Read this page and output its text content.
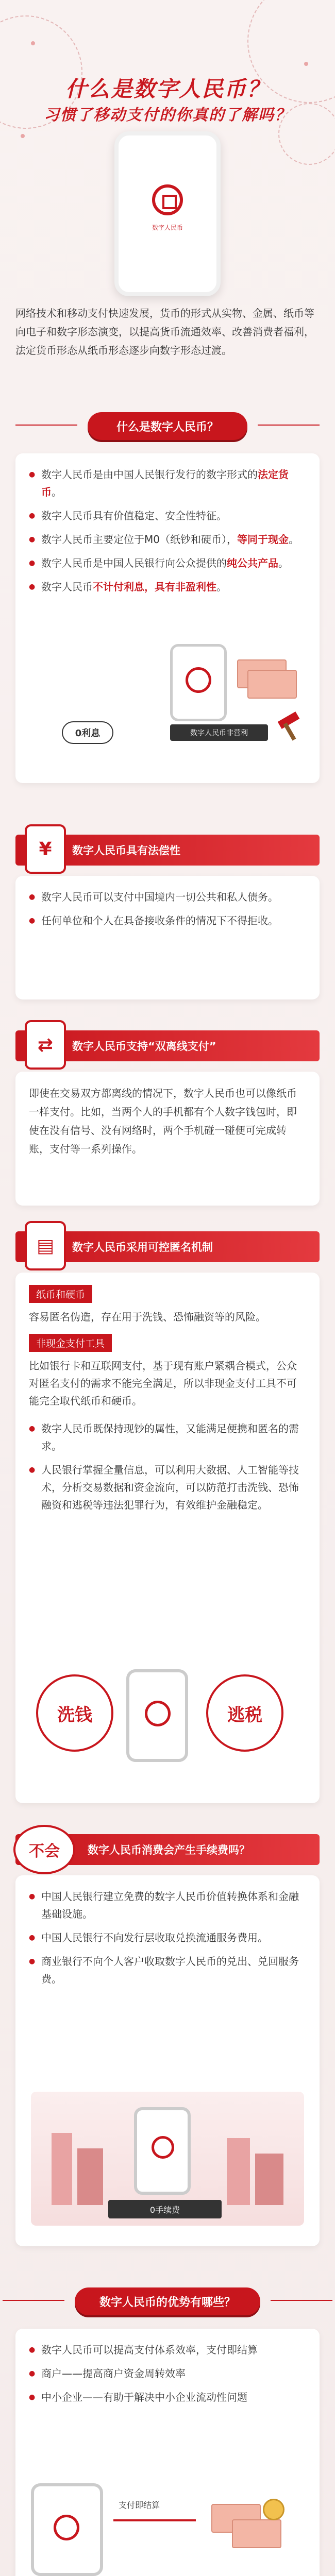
什么是数字人民币？
习惯了移动支付的你真的了解吗？
数字人民币
网络技术和移动支付快速发展，货币的形式从实物、金属、纸币等向电子和数字形态演变，以提高货币流通效率、改善消费者福利，法定货币形态从纸币形态逐步向数字形态过渡。
什么是数字人民币？
● 数字人民币是由中国人民银行发行的数字形式的法定货币。
● 数字人民币具有价值稳定、安全性特征。
● 数字人民币主要定位于M0（纸钞和硬币），等同于现金。
● 数字人民币是中国人民银行向公众提供的纯公共产品。
● 数字人民币不计付利息，具有非盈利性。
0利息	数字人民币非营利
¥	数字人民币具有法偿性
● 数字人民币可以支付中国境内一切公共和私人债务。
● 任何单位和个人在具备接收条件的情况下不得拒收。
⇄	数字人民币支持“双离线支付”
即使在交易双方都离线的情况下，数字人民币也可以像纸币一样支付。比如，当两个人的手机都有个人数字钱包时，即使在没有信号、没有网络时，两个手机碰一碰便可完成转账，支付等一系列操作。
▤	数字人民币采用可控匿名机制
纸币和硬币
容易匿名伪造，存在用于洗钱、恐怖融资等的风险。
非现金支付工具
比如银行卡和互联网支付，基于现有账户紧耦合模式，公众对匿名支付的需求不能完全满足，所以非现金支付工具不可能完全取代纸币和硬币。
● 数字人民币既保持现钞的属性，又能满足便携和匿名的需求。
● 人民银行掌握全量信息，可以利用大数据、人工智能等技术，分析交易数据和资金流向，可以防范打击洗钱、恐怖融资和逃税等违法犯罪行为，有效维护金融稳定。
洗钱	逃税
不会	数字人民币消费会产生手续费吗？
● 中国人民银行建立免费的数字人民币价值转换体系和金融基础设施。
● 中国人民银行不向发行层收取兑换流通服务费用。
● 商业银行不向个人客户收取数字人民币的兑出、兑回服务费。
0手续费
数字人民币的优势有哪些？
● 数字人民币可以提高支付体系效率，支付即结算
● 商户——提高商户资金周转效率
● 中小企业——有助于解决中小企业流动性问题
支付即结算
